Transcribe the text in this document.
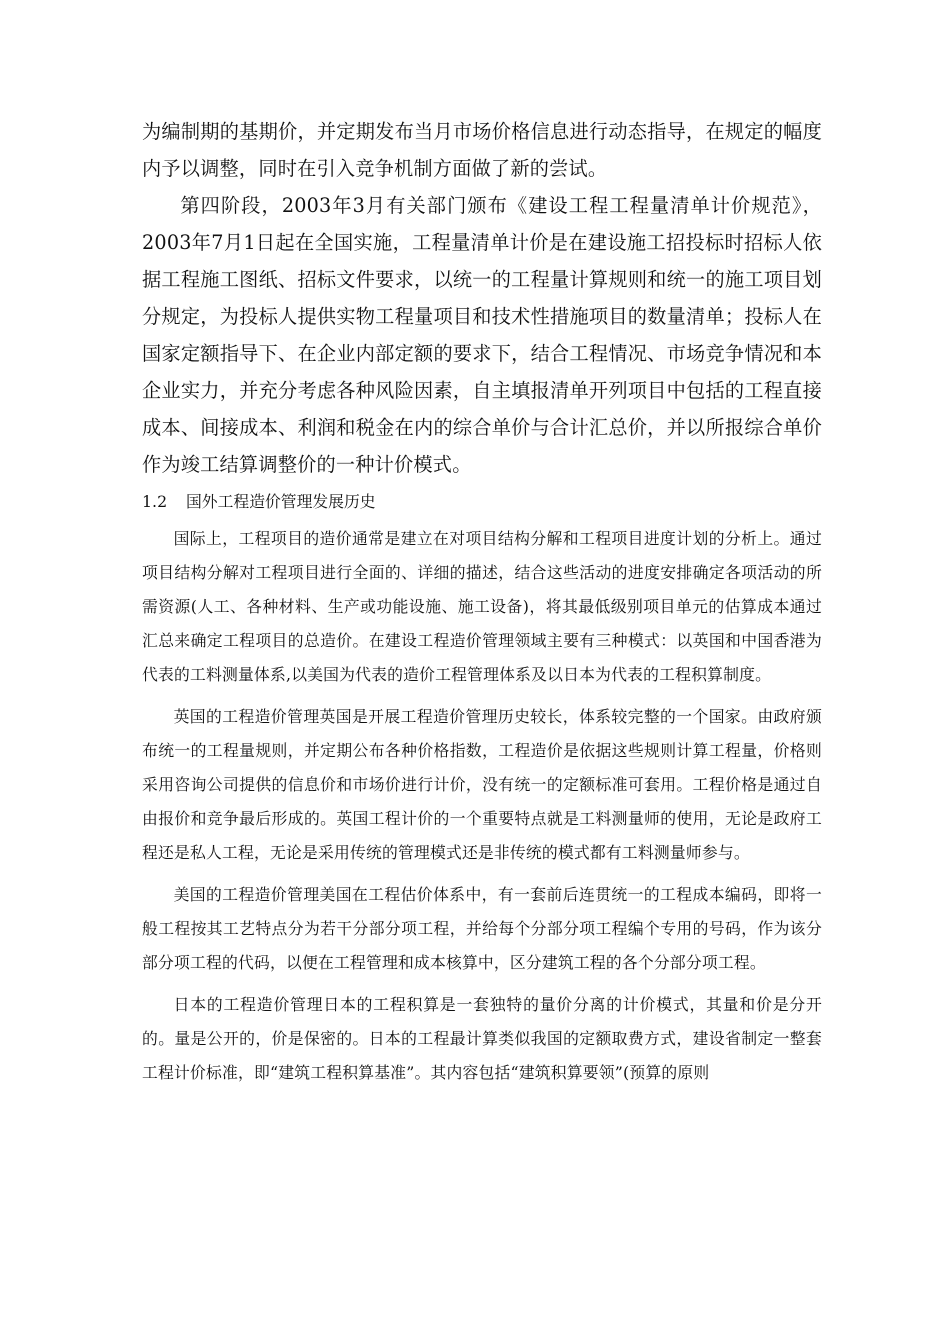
为编制期的基期价，并定期发布当月市场价格信息进行动态指导，在规定的幅度内予以调整，同时在引入竞争机制方面做了新的尝试。

第四阶段，2003年3月有关部门颁布《建设工程工程量清单计价规范》，2003年7月1日起在全国实施，工程量清单计价是在建设施工招投标时招标人依据工程施工图纸、招标文件要求，以统一的工程量计算规则和统一的施工项目划分规定，为投标人提供实物工程量项目和技术性措施项目的数量清单；投标人在国家定额指导下、在企业内部定额的要求下，结合工程情况、市场竞争情况和本企业实力，并充分考虑各种风险因素，自主填报清单开列项目中包括的工程直接成本、间接成本、利润和税金在内的综合单价与合计汇总价，并以所报综合单价作为竣工结算调整价的一种计价模式。

1.2 国外工程造价管理发展历史

国际上，工程项目的造价通常是建立在对项目结构分解和工程项目进度计划的分析上。通过项目结构分解对工程项目进行全面的、详细的描述，结合这些活动的进度安排确定各项活动的所需资源(人工、各种材料、生产或功能设施、施工设备)，将其最低级别项目单元的估算成本通过汇总来确定工程项目的总造价。在建设工程造价管理领域主要有三种模式：以英国和中国香港为代表的工料测量体系,以美国为代表的造价工程管理体系及以日本为代表的工程积算制度。

英国的工程造价管理英国是开展工程造价管理历史较长，体系较完整的一个国家。由政府颁布统一的工程量规则，并定期公布各种价格指数，工程造价是依据这些规则计算工程量，价格则采用咨询公司提供的信息价和市场价进行计价，没有统一的定额标准可套用。工程价格是通过自由报价和竞争最后形成的。英国工程计价的一个重要特点就是工料测量师的使用，无论是政府工程还是私人工程，无论是采用传统的管理模式还是非传统的模式都有工料测量师参与。

美国的工程造价管理美国在工程估价体系中，有一套前后连贯统一的工程成本编码，即将一般工程按其工艺特点分为若干分部分项工程，并给每个分部分项工程编个专用的号码，作为该分部分项工程的代码，以便在工程管理和成本核算中，区分建筑工程的各个分部分项工程。

日本的工程造价管理日本的工程积算是一套独特的量价分离的计价模式，其量和价是分开的。量是公开的，价是保密的。日本的工程最计算类似我国的定额取费方式，建设省制定一整套工程计价标准，即“建筑工程积算基准”。其内容包括“建筑积算要领”(预算的原则
